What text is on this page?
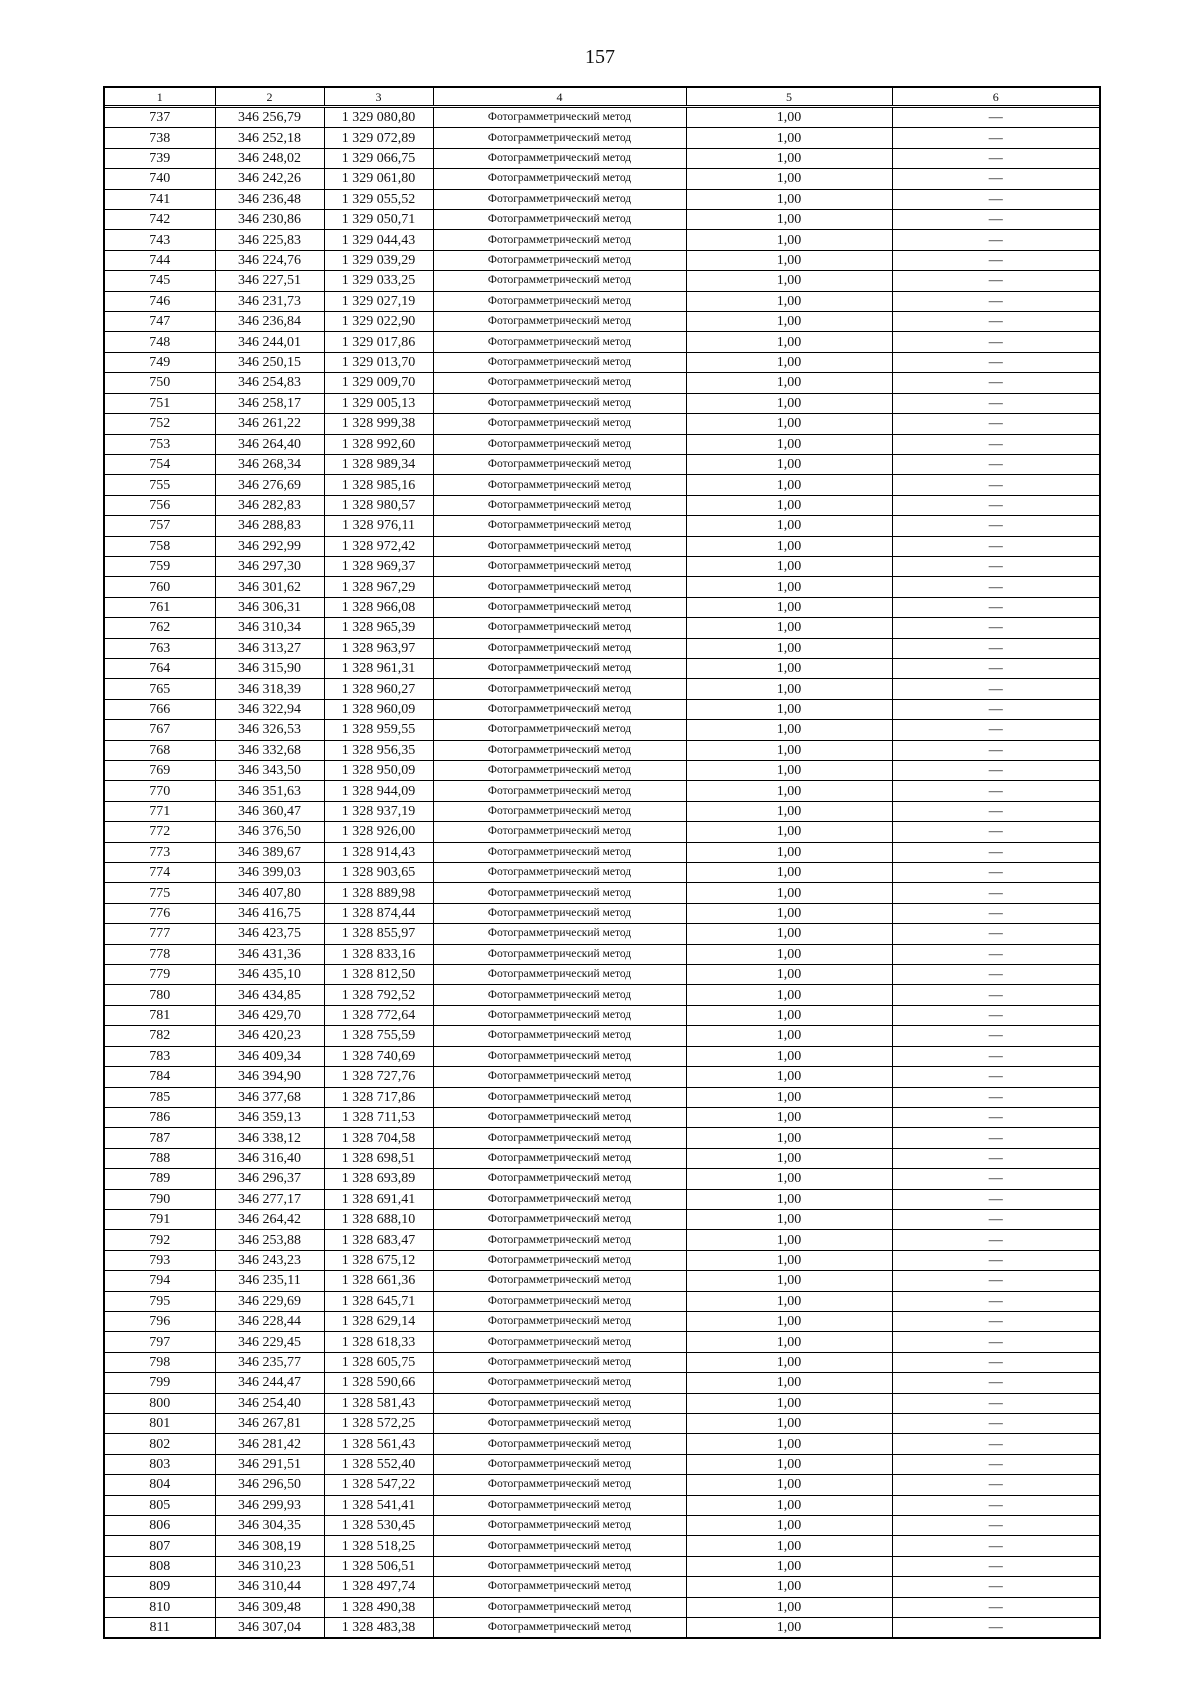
157
1	2	3	4	5	6
737	346 256,79	1 329 080,80	Фотограмметрический метод	1,00	—
738	346 252,18	1 329 072,89	Фотограмметрический метод	1,00	—
739	346 248,02	1 329 066,75	Фотограмметрический метод	1,00	—
740	346 242,26	1 329 061,80	Фотограмметрический метод	1,00	—
741	346 236,48	1 329 055,52	Фотограмметрический метод	1,00	—
742	346 230,86	1 329 050,71	Фотограмметрический метод	1,00	—
743	346 225,83	1 329 044,43	Фотограмметрический метод	1,00	—
744	346 224,76	1 329 039,29	Фотограмметрический метод	1,00	—
745	346 227,51	1 329 033,25	Фотограмметрический метод	1,00	—
746	346 231,73	1 329 027,19	Фотограмметрический метод	1,00	—
747	346 236,84	1 329 022,90	Фотограмметрический метод	1,00	—
748	346 244,01	1 329 017,86	Фотограмметрический метод	1,00	—
749	346 250,15	1 329 013,70	Фотограмметрический метод	1,00	—
750	346 254,83	1 329 009,70	Фотограмметрический метод	1,00	—
751	346 258,17	1 329 005,13	Фотограмметрический метод	1,00	—
752	346 261,22	1 328 999,38	Фотограмметрический метод	1,00	—
753	346 264,40	1 328 992,60	Фотограмметрический метод	1,00	—
754	346 268,34	1 328 989,34	Фотограмметрический метод	1,00	—
755	346 276,69	1 328 985,16	Фотограмметрический метод	1,00	—
756	346 282,83	1 328 980,57	Фотограмметрический метод	1,00	—
757	346 288,83	1 328 976,11	Фотограмметрический метод	1,00	—
758	346 292,99	1 328 972,42	Фотограмметрический метод	1,00	—
759	346 297,30	1 328 969,37	Фотограмметрический метод	1,00	—
760	346 301,62	1 328 967,29	Фотограмметрический метод	1,00	—
761	346 306,31	1 328 966,08	Фотограмметрический метод	1,00	—
762	346 310,34	1 328 965,39	Фотограмметрический метод	1,00	—
763	346 313,27	1 328 963,97	Фотограмметрический метод	1,00	—
764	346 315,90	1 328 961,31	Фотограмметрический метод	1,00	—
765	346 318,39	1 328 960,27	Фотограмметрический метод	1,00	—
766	346 322,94	1 328 960,09	Фотограмметрический метод	1,00	—
767	346 326,53	1 328 959,55	Фотограмметрический метод	1,00	—
768	346 332,68	1 328 956,35	Фотограмметрический метод	1,00	—
769	346 343,50	1 328 950,09	Фотограмметрический метод	1,00	—
770	346 351,63	1 328 944,09	Фотограмметрический метод	1,00	—
771	346 360,47	1 328 937,19	Фотограмметрический метод	1,00	—
772	346 376,50	1 328 926,00	Фотограмметрический метод	1,00	—
773	346 389,67	1 328 914,43	Фотограмметрический метод	1,00	—
774	346 399,03	1 328 903,65	Фотограмметрический метод	1,00	—
775	346 407,80	1 328 889,98	Фотограмметрический метод	1,00	—
776	346 416,75	1 328 874,44	Фотограмметрический метод	1,00	—
777	346 423,75	1 328 855,97	Фотограмметрический метод	1,00	—
778	346 431,36	1 328 833,16	Фотограмметрический метод	1,00	—
779	346 435,10	1 328 812,50	Фотограмметрический метод	1,00	—
780	346 434,85	1 328 792,52	Фотограмметрический метод	1,00	—
781	346 429,70	1 328 772,64	Фотограмметрический метод	1,00	—
782	346 420,23	1 328 755,59	Фотограмметрический метод	1,00	—
783	346 409,34	1 328 740,69	Фотограмметрический метод	1,00	—
784	346 394,90	1 328 727,76	Фотограмметрический метод	1,00	—
785	346 377,68	1 328 717,86	Фотограмметрический метод	1,00	—
786	346 359,13	1 328 711,53	Фотограмметрический метод	1,00	—
787	346 338,12	1 328 704,58	Фотограмметрический метод	1,00	—
788	346 316,40	1 328 698,51	Фотограмметрический метод	1,00	—
789	346 296,37	1 328 693,89	Фотограмметрический метод	1,00	—
790	346 277,17	1 328 691,41	Фотограмметрический метод	1,00	—
791	346 264,42	1 328 688,10	Фотограмметрический метод	1,00	—
792	346 253,88	1 328 683,47	Фотограмметрический метод	1,00	—
793	346 243,23	1 328 675,12	Фотограмметрический метод	1,00	—
794	346 235,11	1 328 661,36	Фотограмметрический метод	1,00	—
795	346 229,69	1 328 645,71	Фотограмметрический метод	1,00	—
796	346 228,44	1 328 629,14	Фотограмметрический метод	1,00	—
797	346 229,45	1 328 618,33	Фотограмметрический метод	1,00	—
798	346 235,77	1 328 605,75	Фотограмметрический метод	1,00	—
799	346 244,47	1 328 590,66	Фотограмметрический метод	1,00	—
800	346 254,40	1 328 581,43	Фотограмметрический метод	1,00	—
801	346 267,81	1 328 572,25	Фотограмметрический метод	1,00	—
802	346 281,42	1 328 561,43	Фотограмметрический метод	1,00	—
803	346 291,51	1 328 552,40	Фотограмметрический метод	1,00	—
804	346 296,50	1 328 547,22	Фотограмметрический метод	1,00	—
805	346 299,93	1 328 541,41	Фотограмметрический метод	1,00	—
806	346 304,35	1 328 530,45	Фотограмметрический метод	1,00	—
807	346 308,19	1 328 518,25	Фотограмметрический метод	1,00	—
808	346 310,23	1 328 506,51	Фотограмметрический метод	1,00	—
809	346 310,44	1 328 497,74	Фотограмметрический метод	1,00	—
810	346 309,48	1 328 490,38	Фотограмметрический метод	1,00	—
811	346 307,04	1 328 483,38	Фотограмметрический метод	1,00	—
